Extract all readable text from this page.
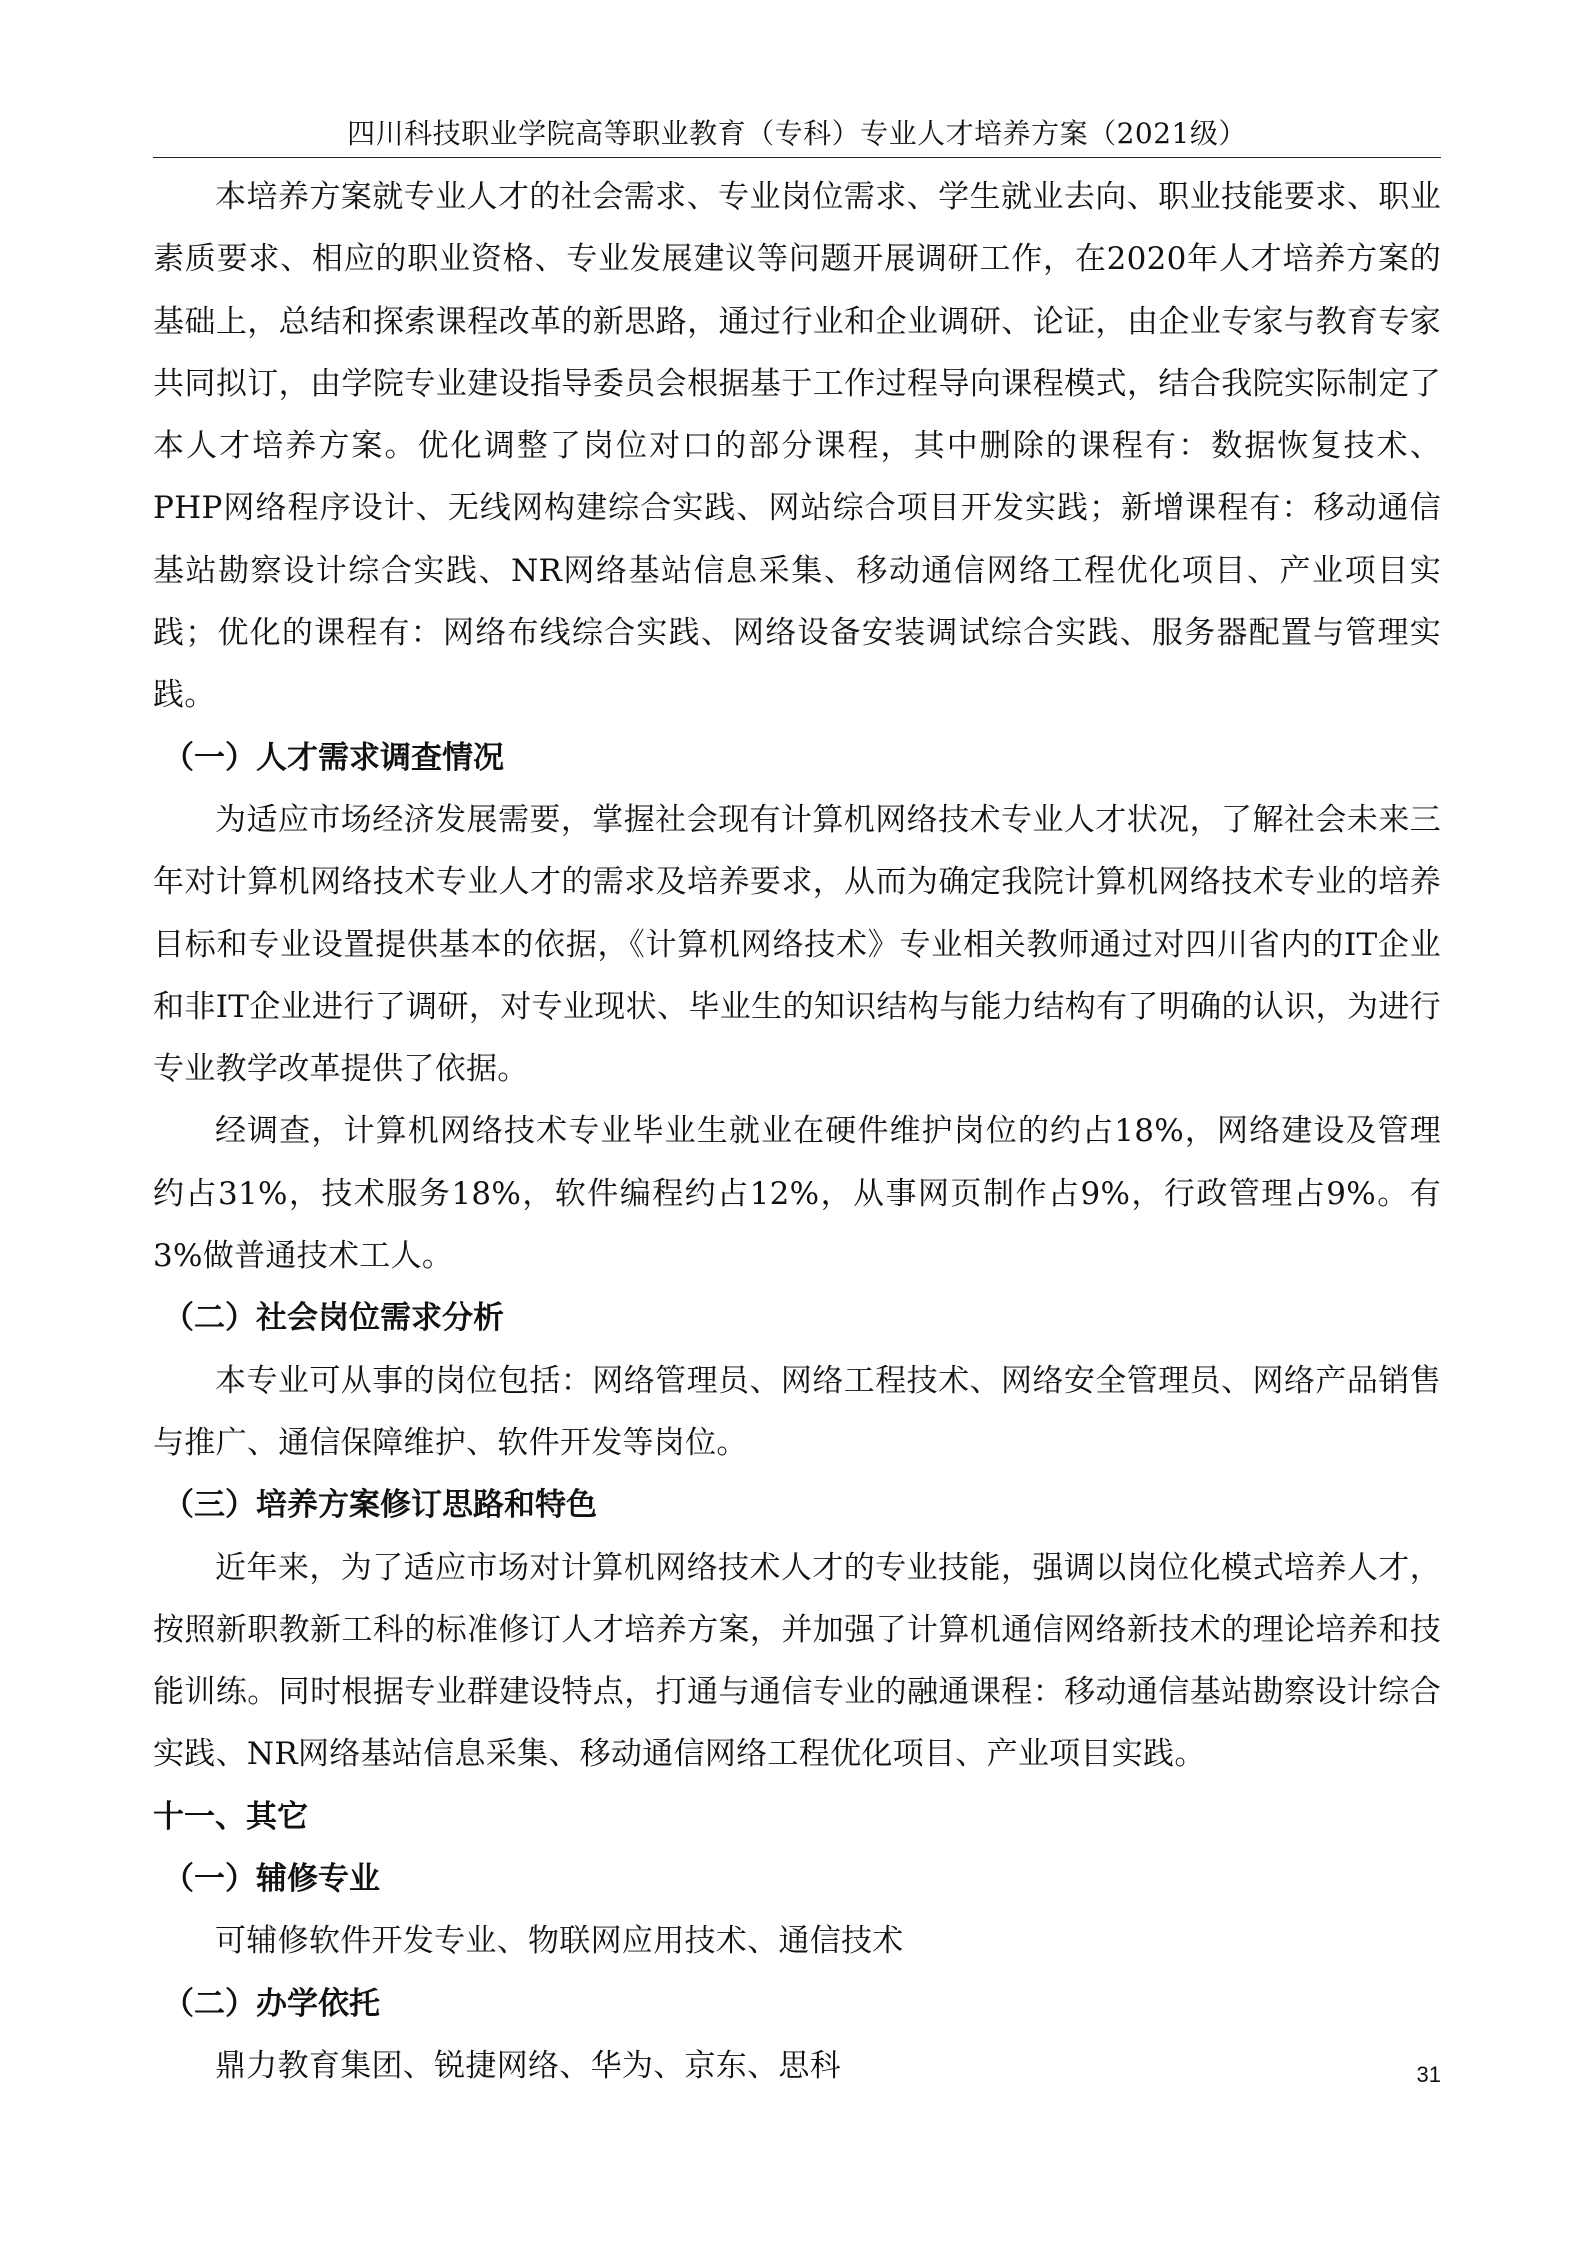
四川科技职业学院高等职业教育（专科）专业人才培养方案（2021级）

本培养方案就专业人才的社会需求、专业岗位需求、学生就业去向、职业技能要求、职业素质要求、相应的职业资格、专业发展建议等问题开展调研工作，在2020年人才培养方案的基础上，总结和探索课程改革的新思路，通过行业和企业调研、论证，由企业专家与教育专家共同拟订，由学院专业建设指导委员会根据基于工作过程导向课程模式，结合我院实际制定了本人才培养方案。优化调整了岗位对口的部分课程，其中删除的课程有：数据恢复技术、PHP网络程序设计、无线网构建综合实践、网站综合项目开发实践；新增课程有：移动通信基站勘察设计综合实践、NR网络基站信息采集、移动通信网络工程优化项目、产业项目实践；优化的课程有：网络布线综合实践、网络设备安装调试综合实践、服务器配置与管理实践。

（一）人才需求调查情况

为适应市场经济发展需要，掌握社会现有计算机网络技术专业人才状况，了解社会未来三年对计算机网络技术专业人才的需求及培养要求，从而为确定我院计算机网络技术专业的培养目标和专业设置提供基本的依据，《计算机网络技术》专业相关教师通过对四川省内的IT企业和非IT企业进行了调研，对专业现状、毕业生的知识结构与能力结构有了明确的认识，为进行专业教学改革提供了依据。

经调查，计算机网络技术专业毕业生就业在硬件维护岗位的约占18%，网络建设及管理约占31%，技术服务18%，软件编程约占12%，从事网页制作占9%，行政管理占9%。有3%做普通技术工人。

（二）社会岗位需求分析

本专业可从事的岗位包括：网络管理员、网络工程技术、网络安全管理员、网络产品销售与推广、通信保障维护、软件开发等岗位。

（三）培养方案修订思路和特色

近年来，为了适应市场对计算机网络技术人才的专业技能，强调以岗位化模式培养人才，按照新职教新工科的标准修订人才培养方案，并加强了计算机通信网络新技术的理论培养和技能训练。同时根据专业群建设特点，打通与通信专业的融通课程：移动通信基站勘察设计综合实践、NR网络基站信息采集、移动通信网络工程优化项目、产业项目实践。

十一、其它
（一）辅修专业

可辅修软件开发专业、物联网应用技术、通信技术

（二）办学依托

鼎力教育集团、锐捷网络、华为、京东、思科	31
